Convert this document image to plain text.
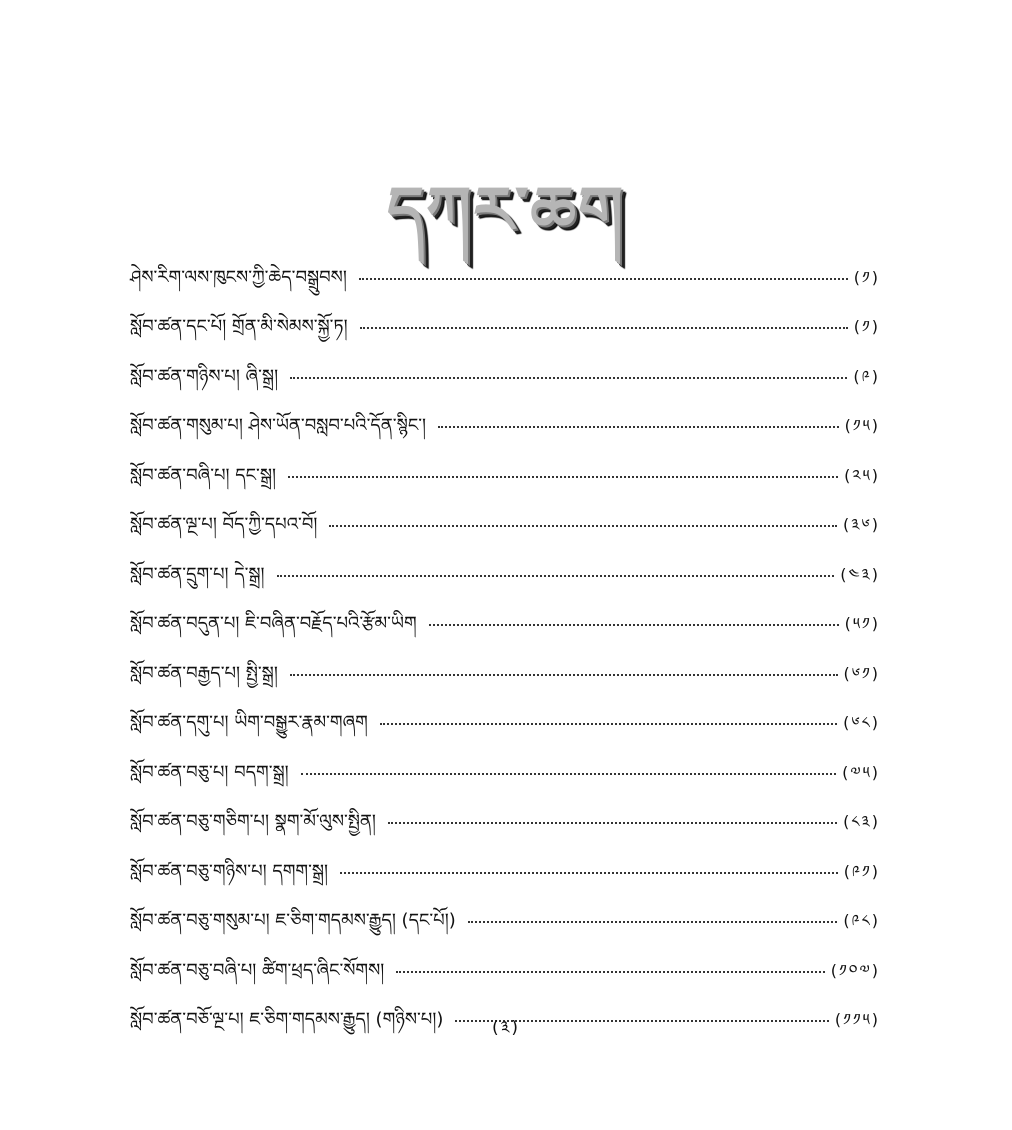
དཀར་ཆག
ཤེས་རིག་ལས་ཁུངས་ཀྱི་ཆེད་བསྒྲུབས།	(༡)
སློབ་ཚན་དང་པོ། གྲོན་མི་སེམས་སྐྱོ་ཏ།	(༡)
སློབ་ཚན་གཉིས་པ། ཞི་སྒྲ།	(༩)
སློབ་ཚན་གསུམ་པ། ཤེས་ཡོན་བསླབ་པའི་དོན་སྙིང་།	(༡༥)
སློབ་ཚན་བཞི་པ། དང་སྒྲ།	(༢༥)
སློབ་ཚན་ལྔ་པ། བོད་ཀྱི་དཔའ་བོ།	(༣༦)
སློབ་ཚན་དྲུག་པ། དེ་སྒྲ།	(༤༣)
སློབ་ཚན་བདུན་པ། ཇི་བཞིན་བརྗོད་པའི་རྩོམ་ཡིག	(༥༡)
སློབ་ཚན་བརྒྱད་པ། སྤྱི་སྒྲ།	(༦༡)
སློབ་ཚན་དགུ་པ། ཡིག་བསྒྱུར་རྣམ་གཞག	(༦༨)
སློབ་ཚན་བཅུ་པ། བདག་སྒྲ།	(༧༥)
སློབ་ཚན་བཅུ་གཅིག་པ། སྣག་མོ་ལུས་སྤྱིན།	(༨༣)
སློབ་ཚན་བཅུ་གཉིས་པ། དགག་སྒྲ།	(༩༡)
སློབ་ཚན་བཅུ་གསུམ་པ། ཇ་ཅིག་གདམས་རྒྱུད། (དང་པོ།)	(༩༨)
སློབ་ཚན་བཅུ་བཞི་པ། ཚིག་ཕྲད་ཞིང་སོགས།	(༡༠༧)
སློབ་ཚན་བཅོ་ལྔ་པ། ཇ་ཅིག་གདམས་རྒྱུད། (གཉིས་པ།)	(༡༡༥)
(༣)
